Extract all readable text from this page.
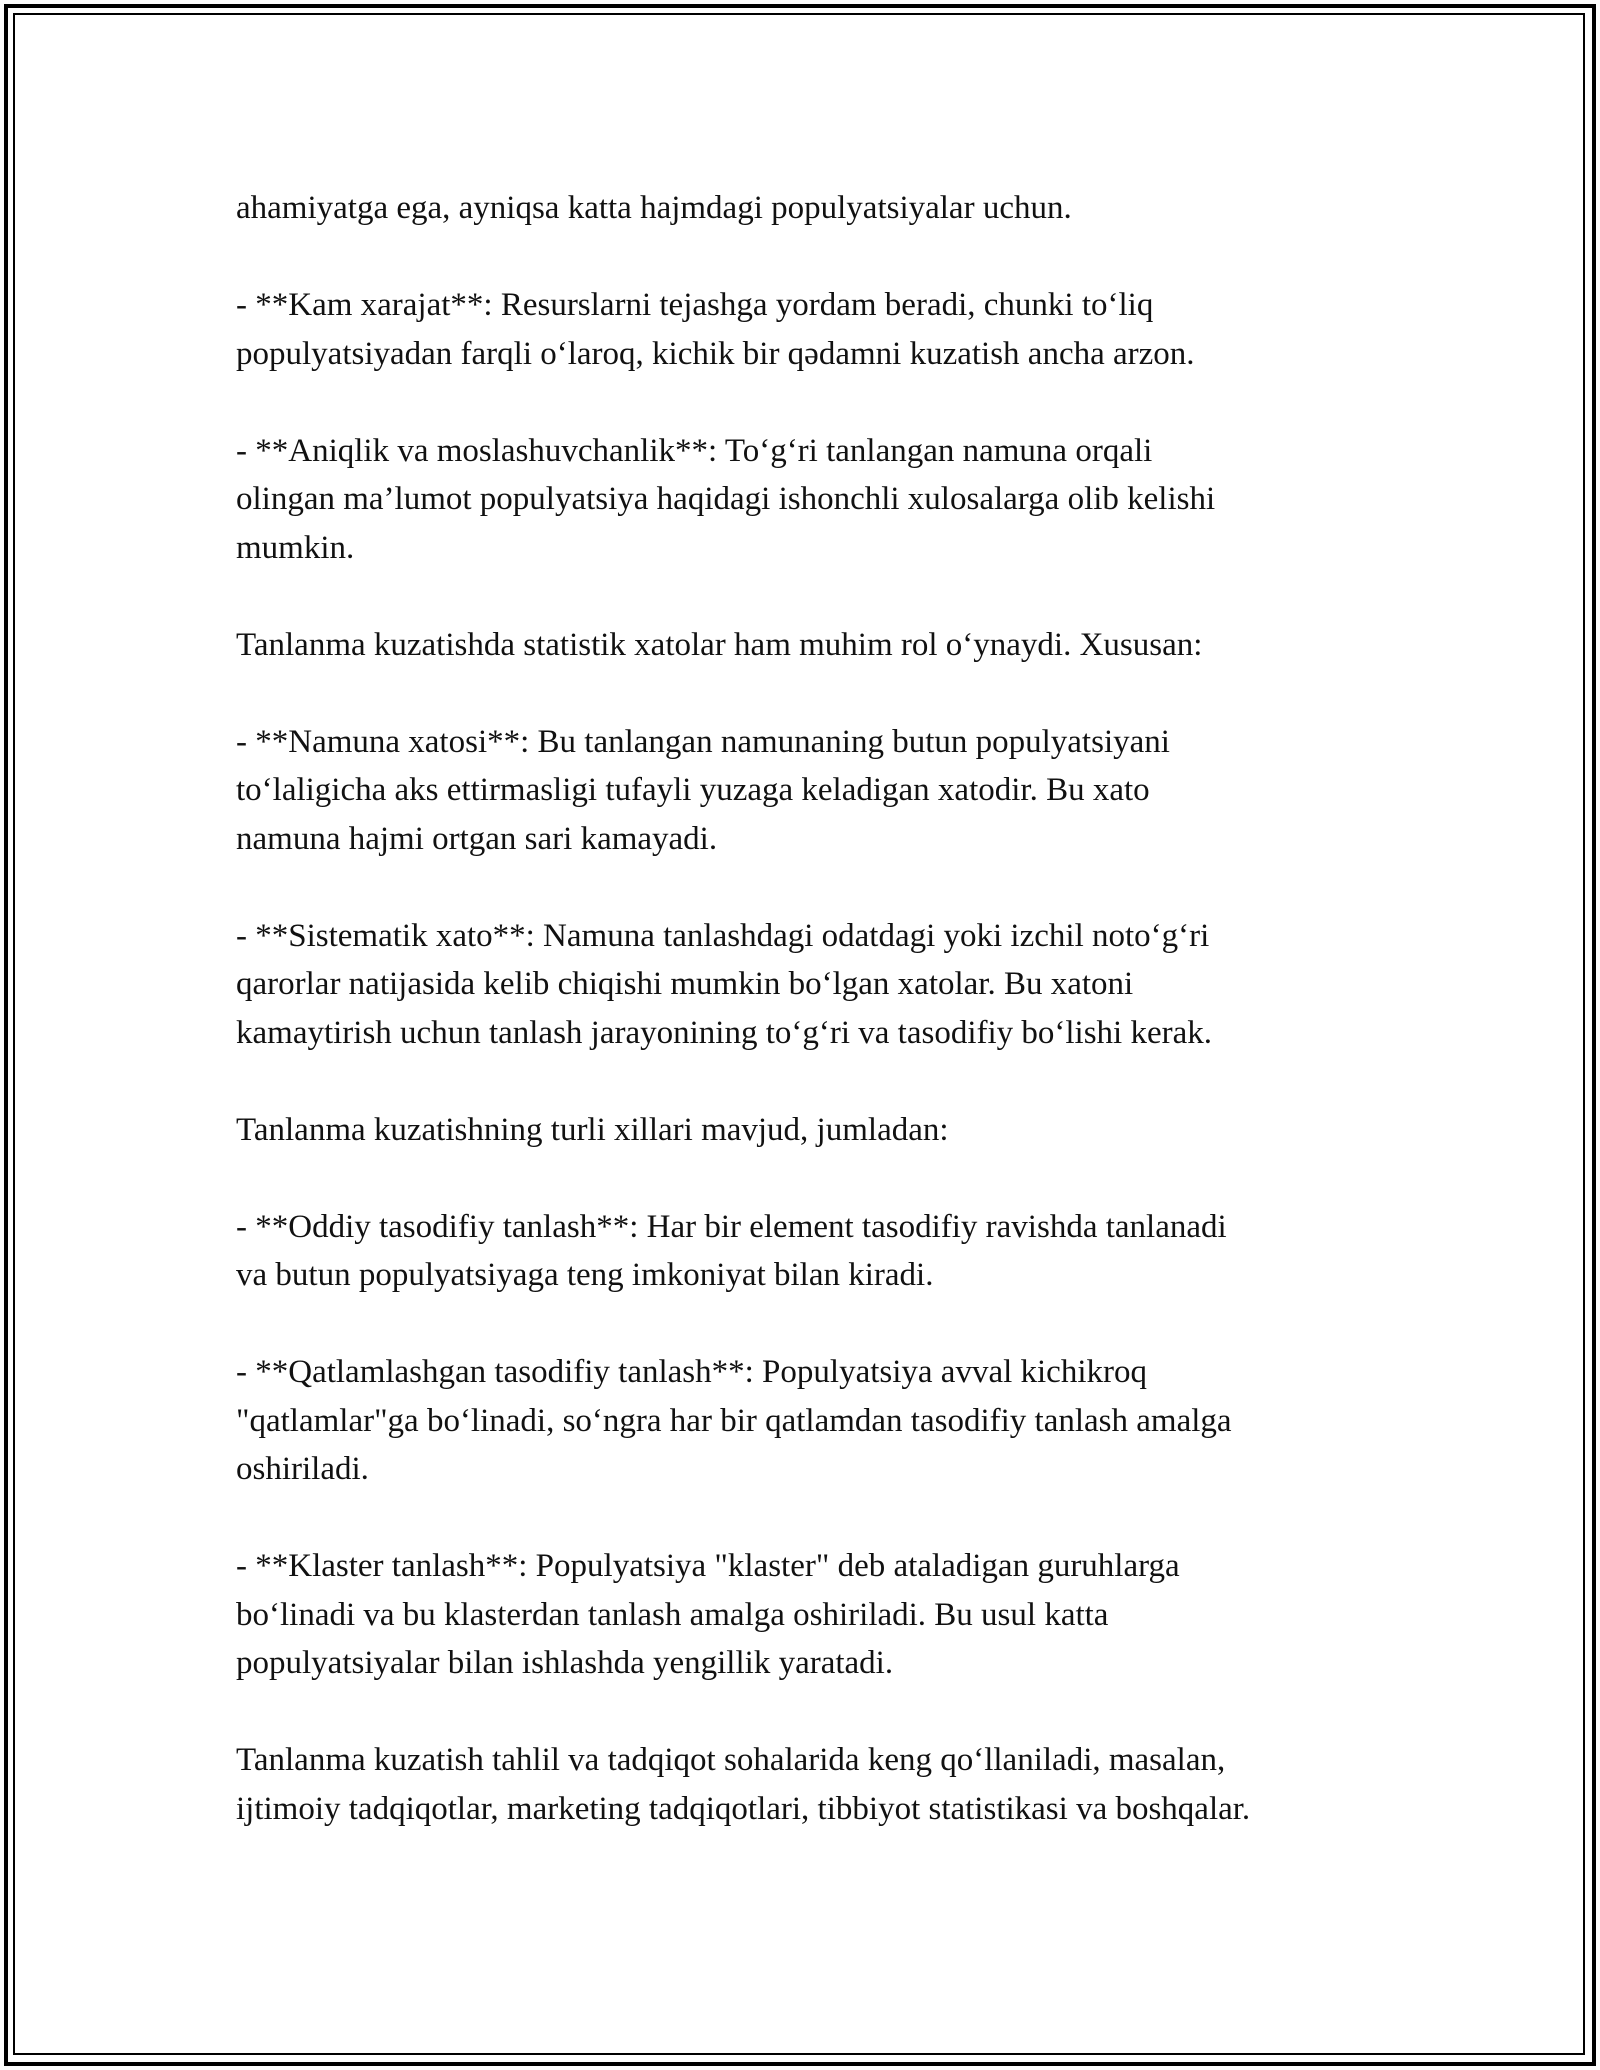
ahamiyatga ega, ayniqsa katta hajmdagi populyatsiyalar uchun.

- **Kam xarajat**: Resurslarni tejashga yordam beradi, chunki to‘liq
populyatsiyadan farqli o‘laroq, kichik bir qədamni kuzatish ancha arzon.

- **Aniqlik va moslashuvchanlik**: To‘g‘ri tanlangan namuna orqali
olingan ma’lumot populyatsiya haqidagi ishonchli xulosalarga olib kelishi
mumkin.

Tanlanma kuzatishda statistik xatolar ham muhim rol o‘ynaydi. Xususan:

- **Namuna xatosi**: Bu tanlangan namunaning butun populyatsiyani
to‘laligicha aks ettirmasligi tufayli yuzaga keladigan xatodir. Bu xato
namuna hajmi ortgan sari kamayadi.

- **Sistematik xato**: Namuna tanlashdagi odatdagi yoki izchil noto‘g‘ri
qarorlar natijasida kelib chiqishi mumkin bo‘lgan xatolar. Bu xatoni
kamaytirish uchun tanlash jarayonining to‘g‘ri va tasodifiy bo‘lishi kerak.

Tanlanma kuzatishning turli xillari mavjud, jumladan:

- **Oddiy tasodifiy tanlash**: Har bir element tasodifiy ravishda tanlanadi
va butun populyatsiyaga teng imkoniyat bilan kiradi.

- **Qatlamlashgan tasodifiy tanlash**: Populyatsiya avval kichikroq
"qatlamlar"ga bo‘linadi, so‘ngra har bir qatlamdan tasodifiy tanlash amalga
oshiriladi.

- **Klaster tanlash**: Populyatsiya "klaster" deb ataladigan guruhlarga
bo‘linadi va bu klasterdan tanlash amalga oshiriladi. Bu usul katta
populyatsiyalar bilan ishlashda yengillik yaratadi.

Tanlanma kuzatish tahlil va tadqiqot sohalarida keng qo‘llaniladi, masalan,
ijtimoiy tadqiqotlar, marketing tadqiqotlari, tibbiyot statistikasi va boshqalar.
